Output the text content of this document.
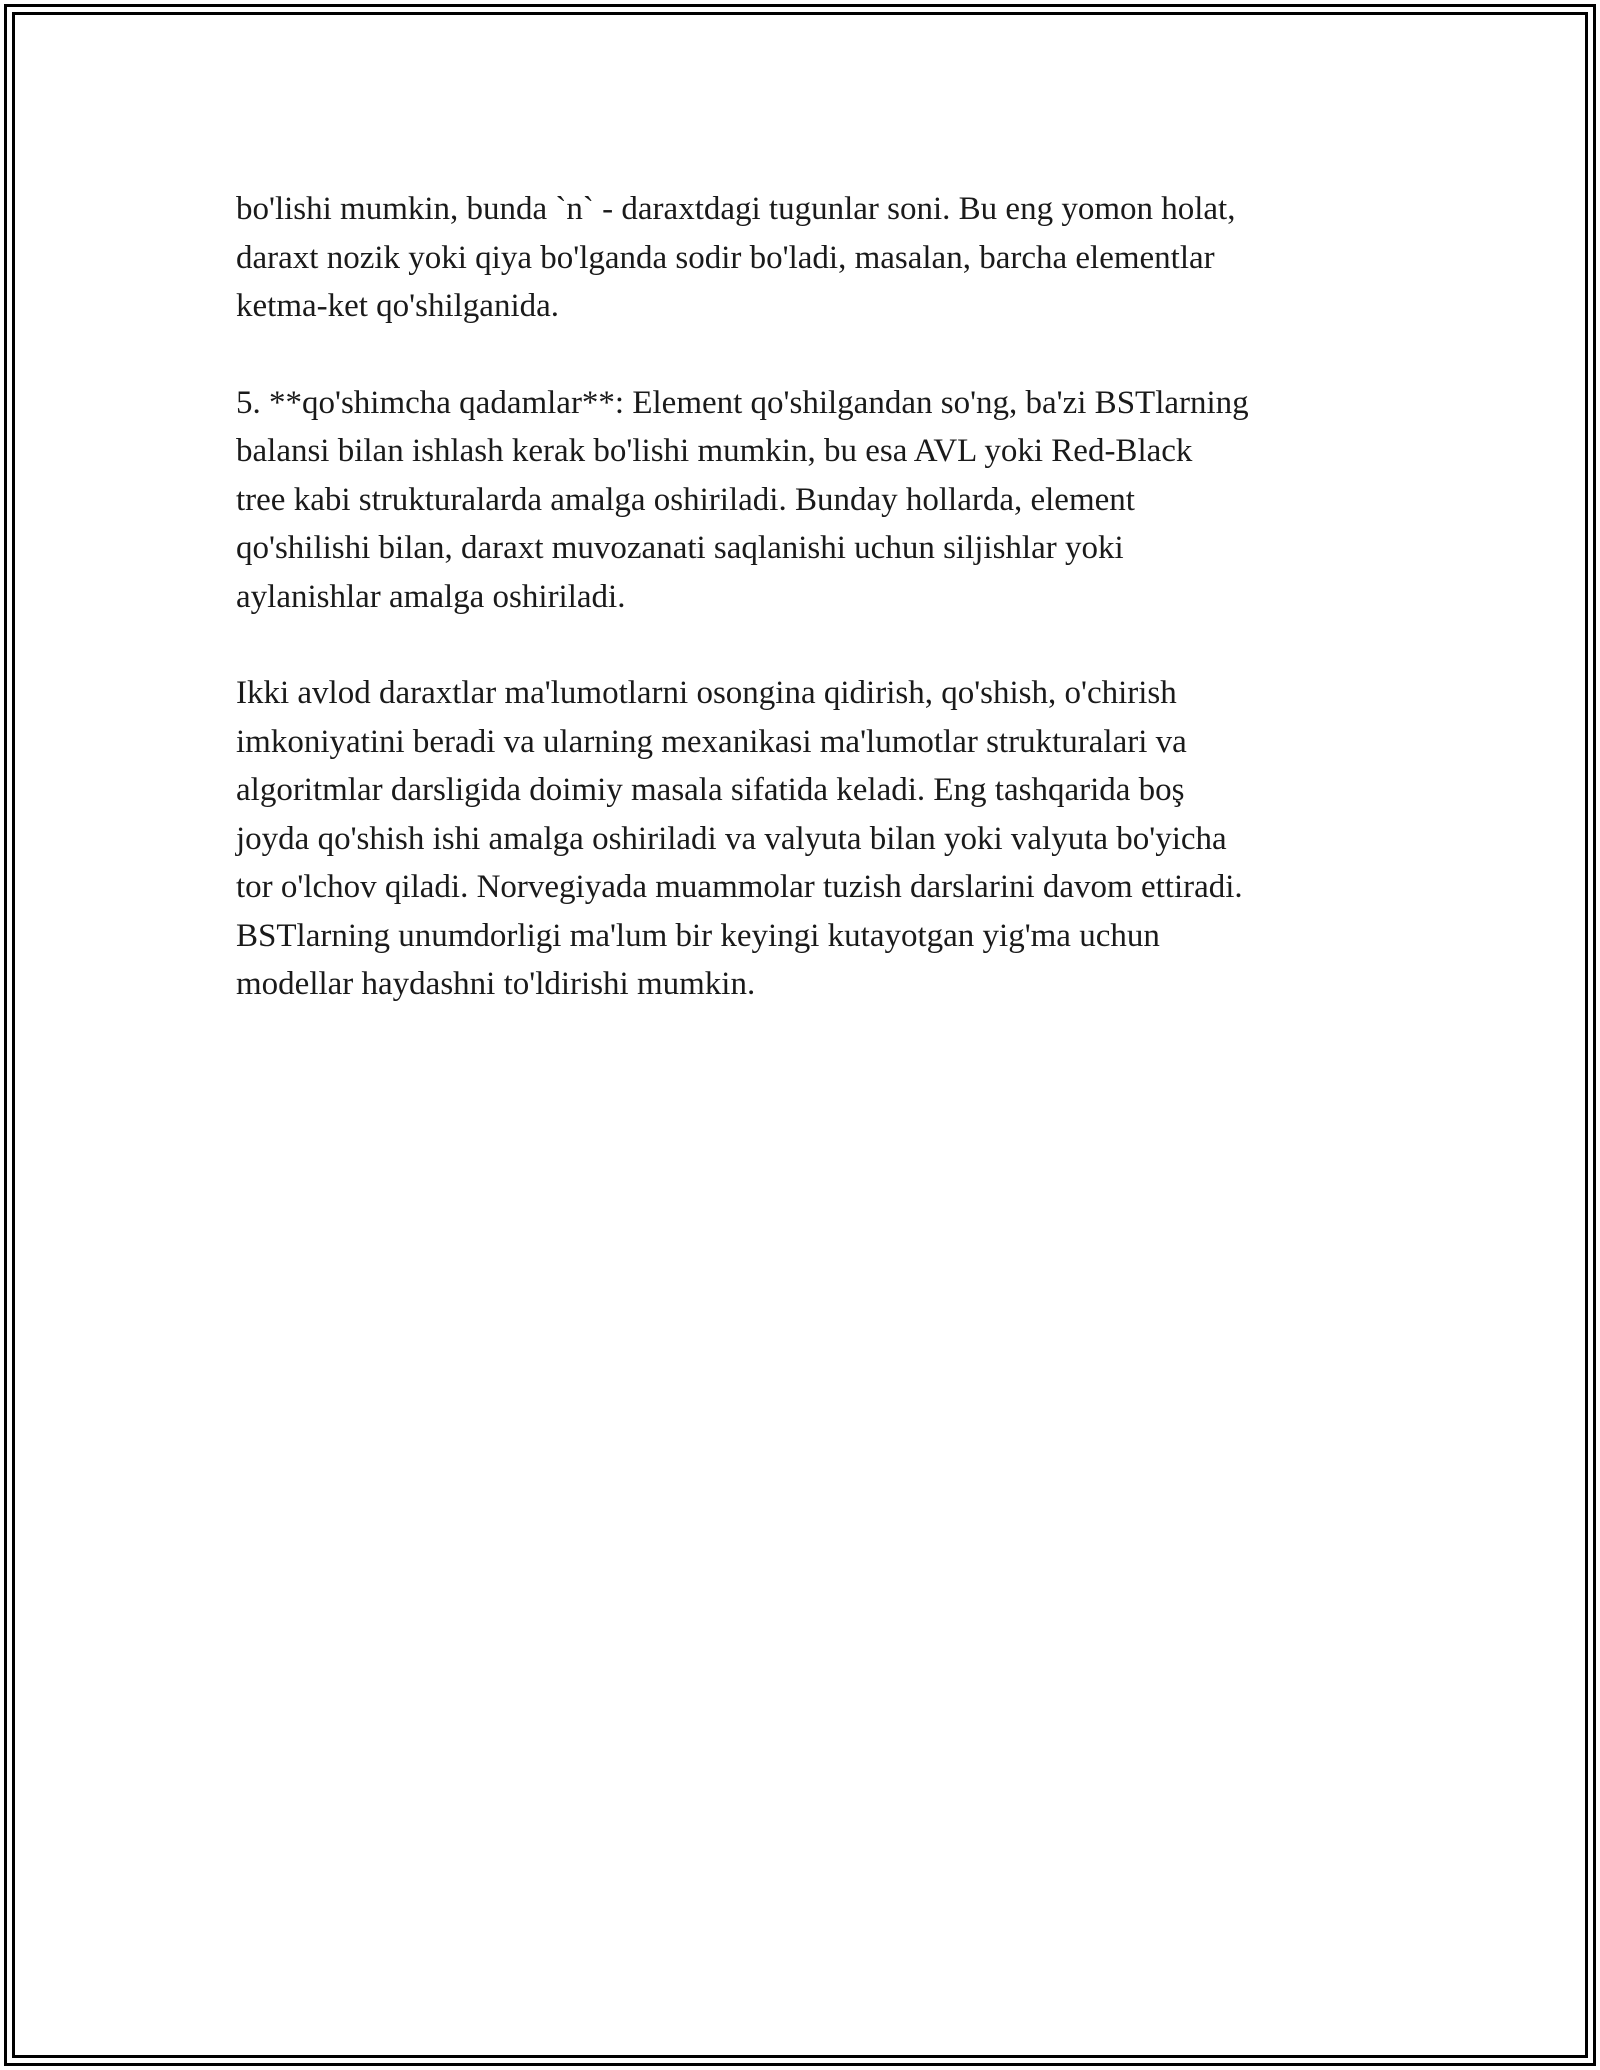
bo'lishi mumkin, bunda `n` - daraxtdagi tugunlar soni. Bu eng yomon holat,
daraxt nozik yoki qiya bo'lganda sodir bo'ladi, masalan, barcha elementlar
ketma-ket qo'shilganida.

5. **qo'shimcha qadamlar**: Element qo'shilgandan so'ng, ba'zi BSTlarning
balansi bilan ishlash kerak bo'lishi mumkin, bu esa AVL yoki Red-Black
tree kabi strukturalarda amalga oshiriladi. Bunday hollarda, element
qo'shilishi bilan, daraxt muvozanati saqlanishi uchun siljishlar yoki
aylanishlar amalga oshiriladi.

Ikki avlod daraxtlar ma'lumotlarni osongina qidirish, qo'shish, o'chirish
imkoniyatini beradi va ularning mexanikasi ma'lumotlar strukturalari va
algoritmlar darsligida doimiy masala sifatida keladi. Eng tashqarida boş
joyda qo'shish ishi amalga oshiriladi va valyuta bilan yoki valyuta bo'yicha
tor o'lchov qiladi. Norvegiyada muammolar tuzish darslarini davom ettiradi.
BSTlarning unumdorligi ma'lum bir keyingi kutayotgan yig'ma uchun
modellar haydashni to'ldirishi mumkin.
